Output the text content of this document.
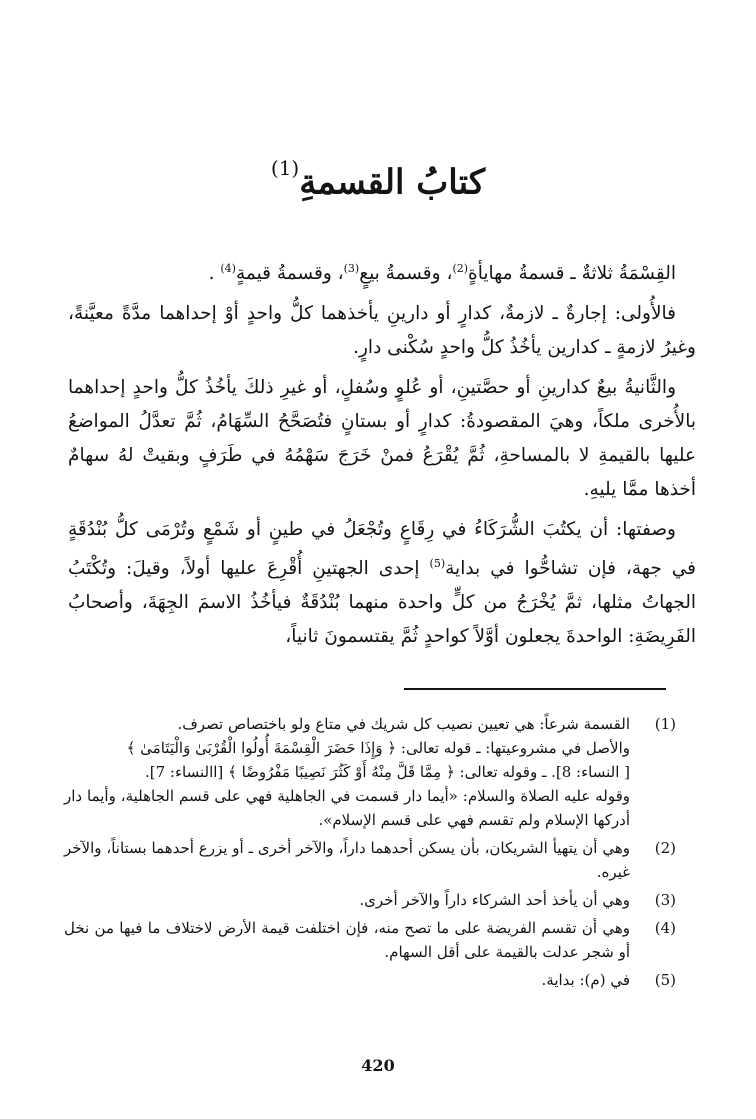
كتابُ القسمةِ$^{(1)}$

القِسْمَةُ ثلاثةٌ ـ قسمةُ مهايأةٍ$^{(2)}$، وقسمةُ بيعٍ$^{(3)}$، وقسمةُ قيمةٍ$^{(4)}$ .

فالأُولى: إجارةٌ ـ لازمةٌ، كدارٍ أو دارينِ يأخذهما كلُّ واحدٍ أوْ إحداهما مدَّةً معيَّنةً، وغيرُ لازمةٍ ـ كدارين يأخُذُ كلُّ واحدٍ سُكْنى دارٍ.

والثَّانيةُ بيعٌ كدارينِ أو حصَّتينِ، أو عُلوٍ وسُفلٍ، أو غيرِ ذلكَ يأخُذُ كلُّ واحدٍ إحداهما بالأُخرى ملكاً، وهيَ المقصودةُ: كدارٍ أو بستانٍ فتُصَحَّحُ السِّهَامُ، ثُمَّ تعدَّلُ المواضعُ عليها بالقيمةِ لا بالمساحةِ، ثُمَّ يُقْرَعُ فمنْ خَرَجَ سَهْمُهُ في طَرَفٍ وبقيتْ لهُ سهامٌ أخذها ممَّا يليهِ.

وصفتها: أن يكتُبَ الشُّرَكَاءُ في رِقَاعٍ وتُجْعَلُ في طينٍ أو شَمْعٍ وتُرْمَى كلُّ بُنْدُقَةٍ في جهة، فإن تشاحُّوا في بداية$^{(5)}$ إحدى الجهتينِ أُقْرِعَ عليها أولاً، وقيلَ: وتُكْتَبُ الجهاتُ مثلها، ثمَّ يُخْرَجُ من كلٍّ واحدة منهما بُنْدُقَةٌ فيأخُذُ الاسمَ الجِهَةَ، وأصحابُ الفَرِيضَةِ: الواحدةَ يجعلون أوَّلاً كواحدٍ ثُمَّ يقتسمونَ ثانياً،

(1)
القسمة شرعاً: هي تعيين نصيب كل شريك في متاع ولو باختصاص تصرف.
والأصل في مشروعيتها: ـ قوله تعالى: ﴿ وَإِذَا حَضَرَ الْقِسْمَةَ أُولُوا الْقُرْبَىٰ وَالْيَتَامَىٰ ﴾
[ النساء: 8]. ـ وقوله تعالى: ﴿ مِمَّا قَلَّ مِنْهُ أَوْ كَثُرَ نَصِيبًا مَفْرُوضًا ﴾ [االنساء: 7].
وقوله عليه الصلاة والسلام: «أيما دار قسمت في الجاهلية فهي على قسم الجاهلية، وأيما دار أدركها الإسلام ولم تقسم فهي على قسم الإسلام».
(2)
وهي أن يتهيأ الشريكان، بأن يسكن أحدهما داراً، والآخر أخرى ـ أو يزرع أحدهما بستاناً، والآخر غيره.
(3)
وهي أن يأخذ أحد الشركاء داراً والآخر أخرى.
(4)
وهي أن تقسم الفريضة على ما تصح منه، فإن اختلفت قيمة الأرض لاختلاف ما فيها من نخل أو شجر عدلت بالقيمة على أقل السهام.
(5)
في (م): بداية.
420
